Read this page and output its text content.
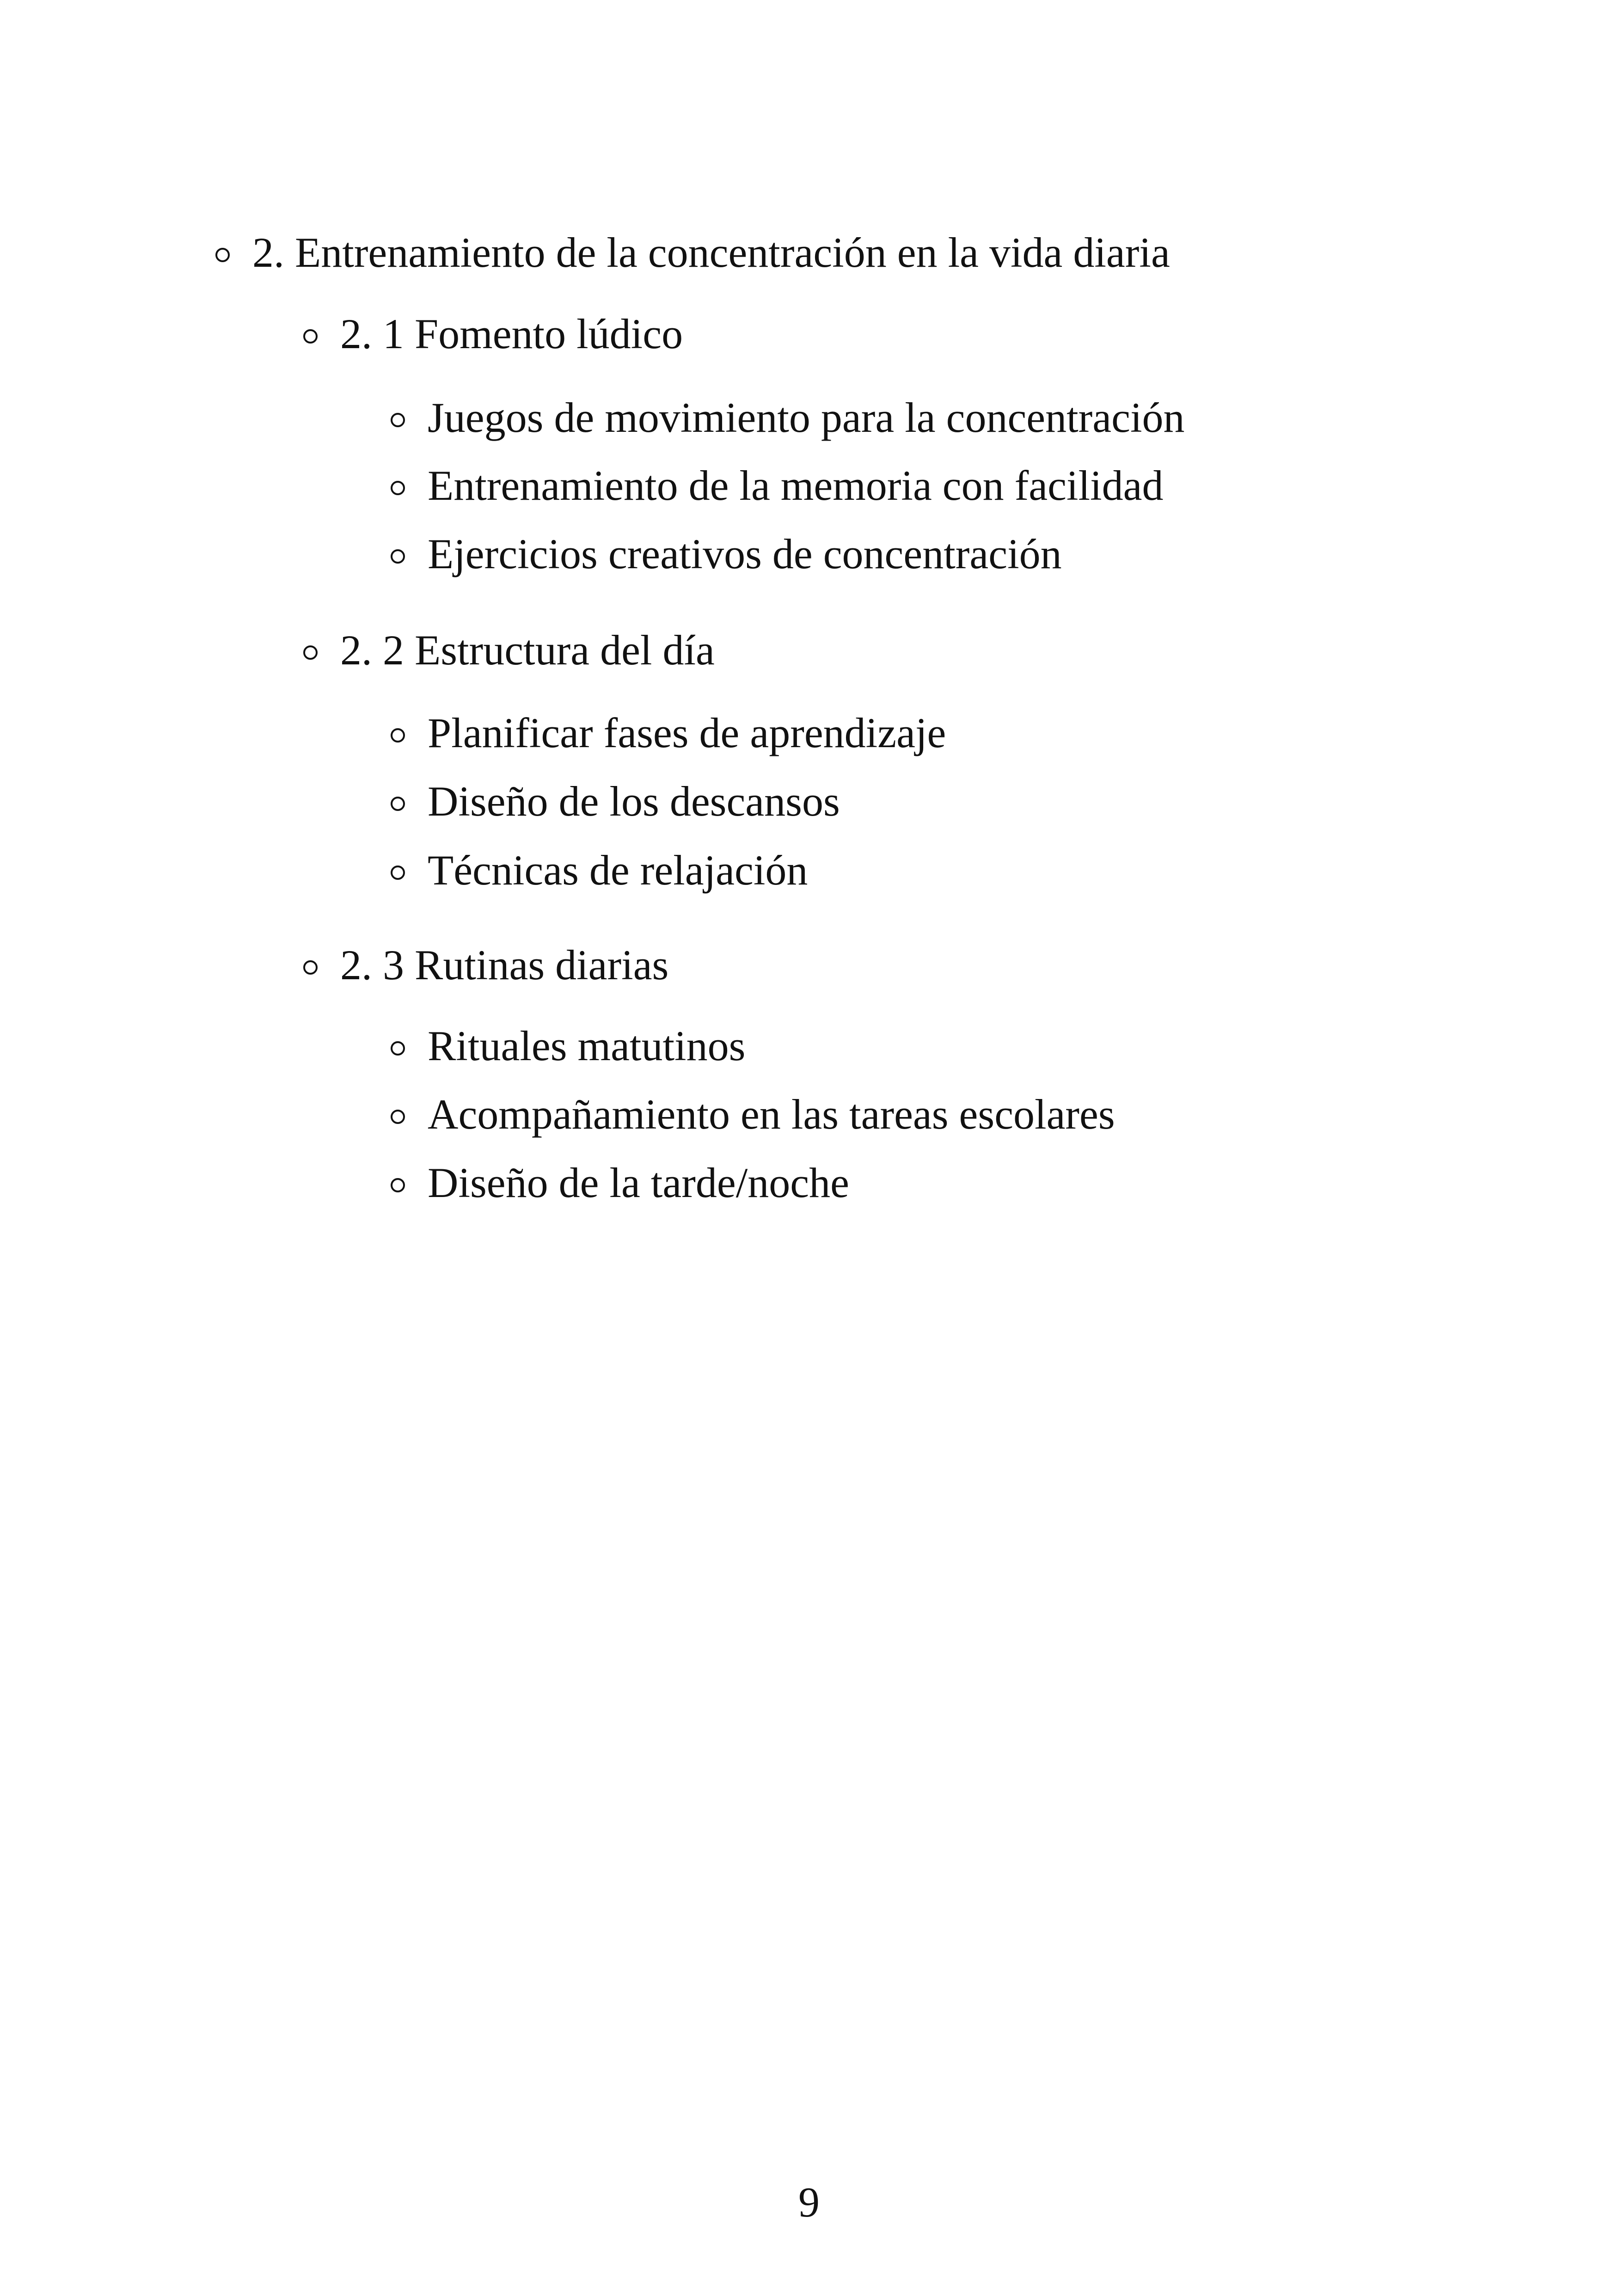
2. Entrenamiento de la concentración en la vida diaria
2. 1 Fomento lúdico
Juegos de movimiento para la concentración
Entrenamiento de la memoria con facilidad
Ejercicios creativos de concentración
2. 2 Estructura del día
Planificar fases de aprendizaje
Diseño de los descansos
Técnicas de relajación
2. 3 Rutinas diarias
Rituales matutinos
Acompañamiento en las tareas escolares
Diseño de la tarde/noche
9
